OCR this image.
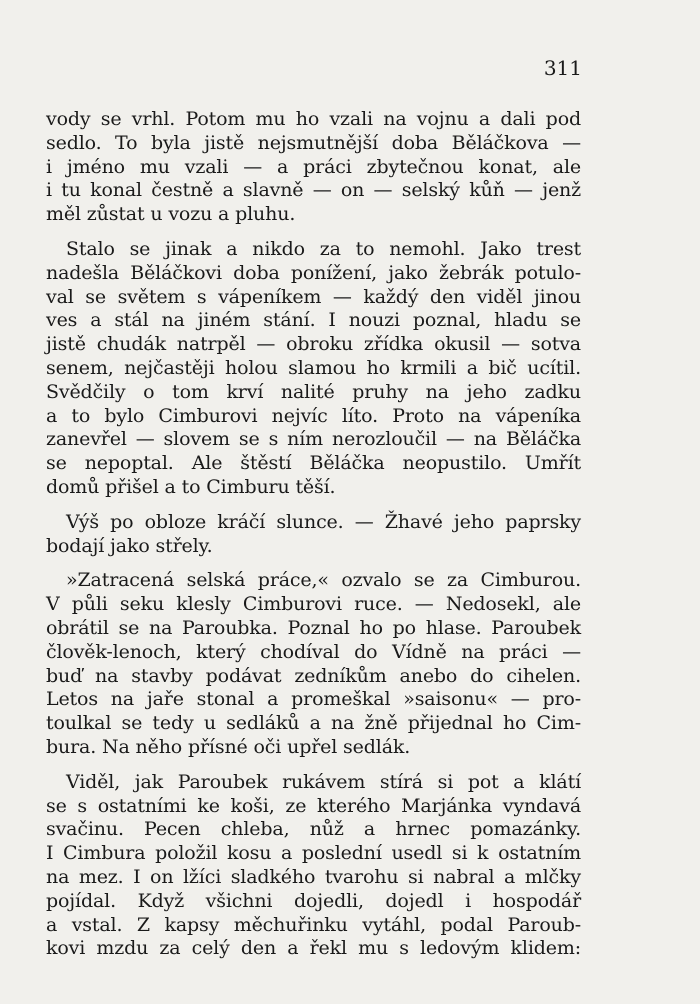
311
vody se vrhl. Potom mu ho vzali na vojnu a dali pod
sedlo. To byla jistě nejsmutnější doba Běláčkova —
i jméno mu vzali — a práci zbytečnou konat, ale
i tu konal čestně a slavně — on — selský kůň — jenž
měl zůstat u vozu a pluhu.
Stalo se jinak a nikdo za to nemohl. Jako trest
nadešla Běláčkovi doba ponížení, jako žebrák potulo-
val se světem s vápeníkem — každý den viděl jinou
ves a stál na jiném stání. I nouzi poznal, hladu se
jistě chudák natrpěl — obroku zřídka okusil — sotva
senem, nejčastěji holou slamou ho krmili a bič ucítil.
Svědčily o tom krví nalité pruhy na jeho zadku
a to bylo Cimburovi nejvíc líto. Proto na vápeníka
zanevřel — slovem se s ním nerozloučil — na Běláčka
se nepoptal. Ale štěstí Běláčka neopustilo. Umřít
domů přišel a to Cimburu těší.
Výš po obloze kráčí slunce. — Žhavé jeho paprsky
bodají jako střely.
»Zatracená selská práce,« ozvalo se za Cimburou.
V půli seku klesly Cimburovi ruce. — Nedosekl, ale
obrátil se na Paroubka. Poznal ho po hlase. Paroubek
člověk-lenoch, který chodíval do Vídně na práci —
buď na stavby podávat zedníkům anebo do cihelen.
Letos na jaře stonal a promeškal »saisonu« — pro-
toulkal se tedy u sedláků a na žně přijednal ho Cim-
bura. Na něho přísné oči upřel sedlák.
Viděl, jak Paroubek rukávem stírá si pot a klátí
se s ostatními ke koši, ze kterého Marjánka vyndavá
svačinu. Pecen chleba, nůž a hrnec pomazánky.
I Cimbura položil kosu a poslední usedl si k ostatním
na mez. I on lžíci sladkého tvarohu si nabral a mlčky
pojídal. Když všichni dojedli, dojedl i hospodář
a vstal. Z kapsy měchuřinku vytáhl, podal Paroub-
kovi mzdu za celý den a řekl mu s ledovým klidem:
